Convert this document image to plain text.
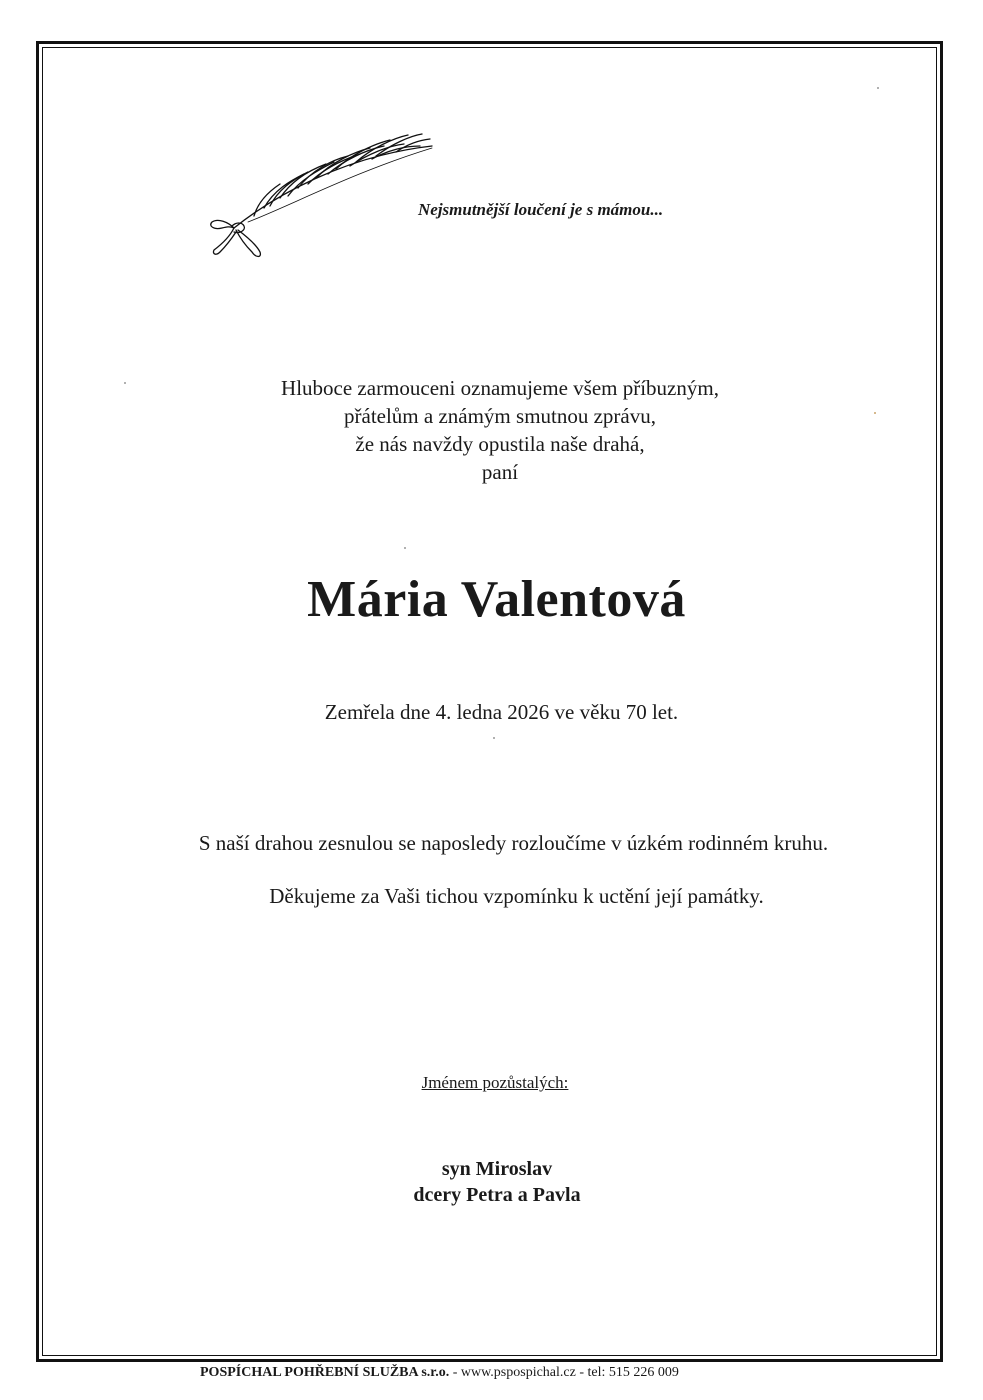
Nejsmutnější loučení je s mámou...
Hluboce zarmouceni oznamujeme všem příbuzným,
přátelům a známým smutnou zprávu,
že nás navždy opustila naše drahá,
paní
Mária Valentová
Zemřela dne 4. ledna 2026 ve věku 70 let.
S naší drahou zesnulou se naposledy rozloučíme v úzkém rodinném kruhu.
Děkujeme za Vaši tichou vzpomínku k uctění její památky.
Jménem pozůstalých:
syn Miroslav
dcery Petra a Pavla
POSPÍCHAL POHŘEBNÍ SLUŽBA s.r.o. - www.pspospichal.cz - tel: 515 226 009
